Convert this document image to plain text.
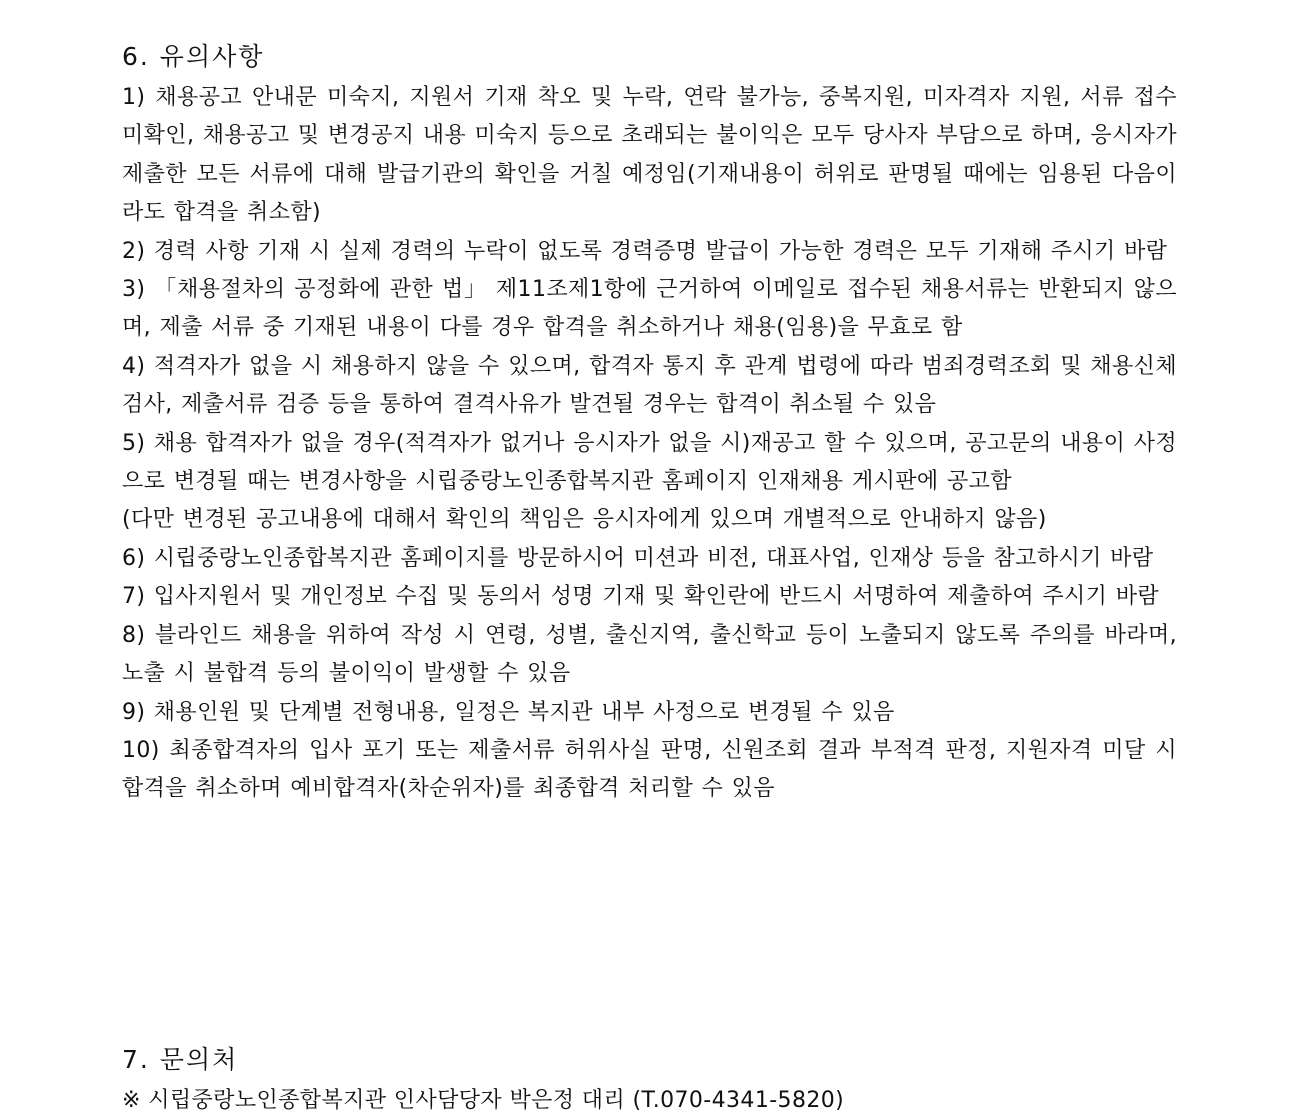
6. 유의사항

1) 채용공고 안내문 미숙지, 지원서 기재 착오 및 누락, 연락 불가능, 중복지원, 미자격자 지원, 서류 접수 미확인, 채용공고 및 변경공지 내용 미숙지 등으로 초래되는 불이익은 모두 당사자 부담으로 하며, 응시자가 제출한 모든 서류에 대해 발급기관의 확인을 거칠 예정임(기재내용이 허위로 판명될 때에는 임용된 다음이라도 합격을 취소함)

2) 경력 사항 기재 시 실제 경력의 누락이 없도록 경력증명 발급이 가능한 경력은 모두 기재해 주시기 바람

3) 「채용절차의 공정화에 관한 법」 제11조제1항에 근거하여 이메일로 접수된 채용서류는 반환되지 않으며, 제출 서류 중 기재된 내용이 다를 경우 합격을 취소하거나 채용(임용)을 무효로 함

4) 적격자가 없을 시 채용하지 않을 수 있으며, 합격자 통지 후 관계 법령에 따라 범죄경력조회 및 채용신체검사, 제출서류 검증 등을 통하여 결격사유가 발견될 경우는 합격이 취소될 수 있음

5) 채용 합격자가 없을 경우(적격자가 없거나 응시자가 없을 시)재공고 할 수 있으며, 공고문의 내용이 사정으로 변경될 때는 변경사항을 시립중랑노인종합복지관 홈페이지 인재채용 게시판에 공고함

(다만 변경된 공고내용에 대해서 확인의 책임은 응시자에게 있으며 개별적으로 안내하지 않음)

6) 시립중랑노인종합복지관 홈페이지를 방문하시어 미션과 비전, 대표사업, 인재상 등을 참고하시기 바람

7) 입사지원서 및 개인정보 수집 및 동의서 성명 기재 및 확인란에 반드시 서명하여 제출하여 주시기 바람

8) 블라인드 채용을 위하여 작성 시 연령, 성별, 출신지역, 출신학교 등이 노출되지 않도록 주의를 바라며, 노출 시 불합격 등의 불이익이 발생할 수 있음

9) 채용인원 및 단계별 전형내용, 일정은 복지관 내부 사정으로 변경될 수 있음

10) 최종합격자의 입사 포기 또는 제출서류 허위사실 판명, 신원조회 결과 부적격 판정, 지원자격 미달 시 합격을 취소하며 예비합격자(차순위자)를 최종합격 처리할 수 있음

7. 문의처
※ 시립중랑노인종합복지관 인사담당자 박은정 대리 (T.070-4341-5820)
